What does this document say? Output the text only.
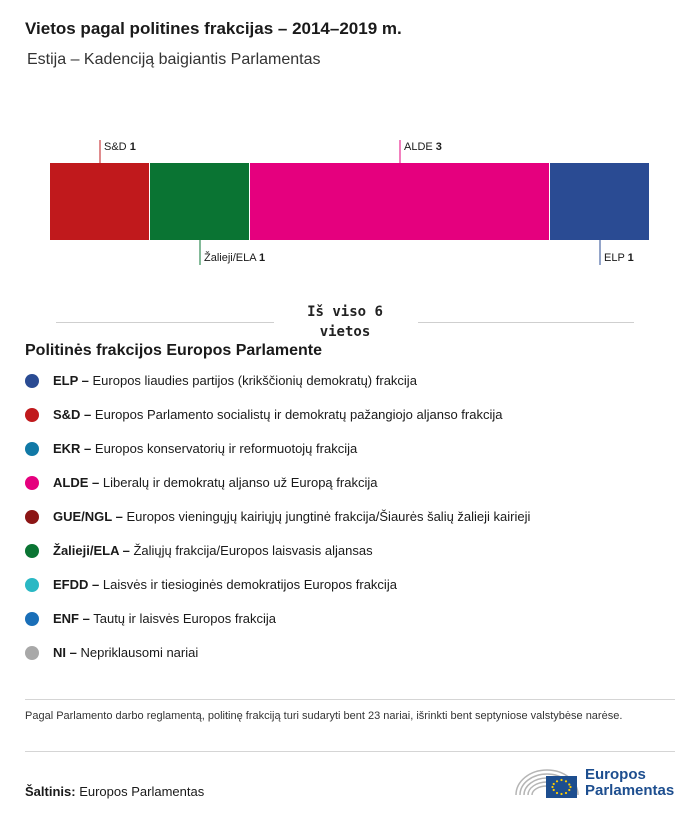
Vietos pagal politines frakcijas – 2014–2019 m.
Estija – Kadenciją baigiantis Parlamentas
S&D 1
Žalieji/ELA 1
ALDE 3
ELP 1
Iš viso 6
vietos
Politinės frakcijos Europos Parlamente
ELP – Europos liaudies partijos (krikščionių demokratų) frakcija
S&D – Europos Parlamento socialistų ir demokratų pažangiojo aljanso frakcija
EKR – Europos konservatorių ir reformuotojų frakcija
ALDE – Liberalų ir demokratų aljanso už Europą frakcija
GUE/NGL – Europos vieningųjų kairiųjų jungtinė frakcija/Šiaurės šalių žalieji kairieji
Žalieji/ELA – Žaliųjų frakcija/Europos laisvasis aljansas
EFDD – Laisvės ir tiesioginės demokratijos Europos frakcija
ENF – Tautų ir laisvės Europos frakcija
NI – Nepriklausomi nariai
Pagal Parlamento darbo reglamentą, politinę frakciją turi sudaryti bent 23 nariai, išrinkti bent septyniose valstybėse narėse.
Šaltinis: Europos Parlamentas
Europos
Parlamentas
